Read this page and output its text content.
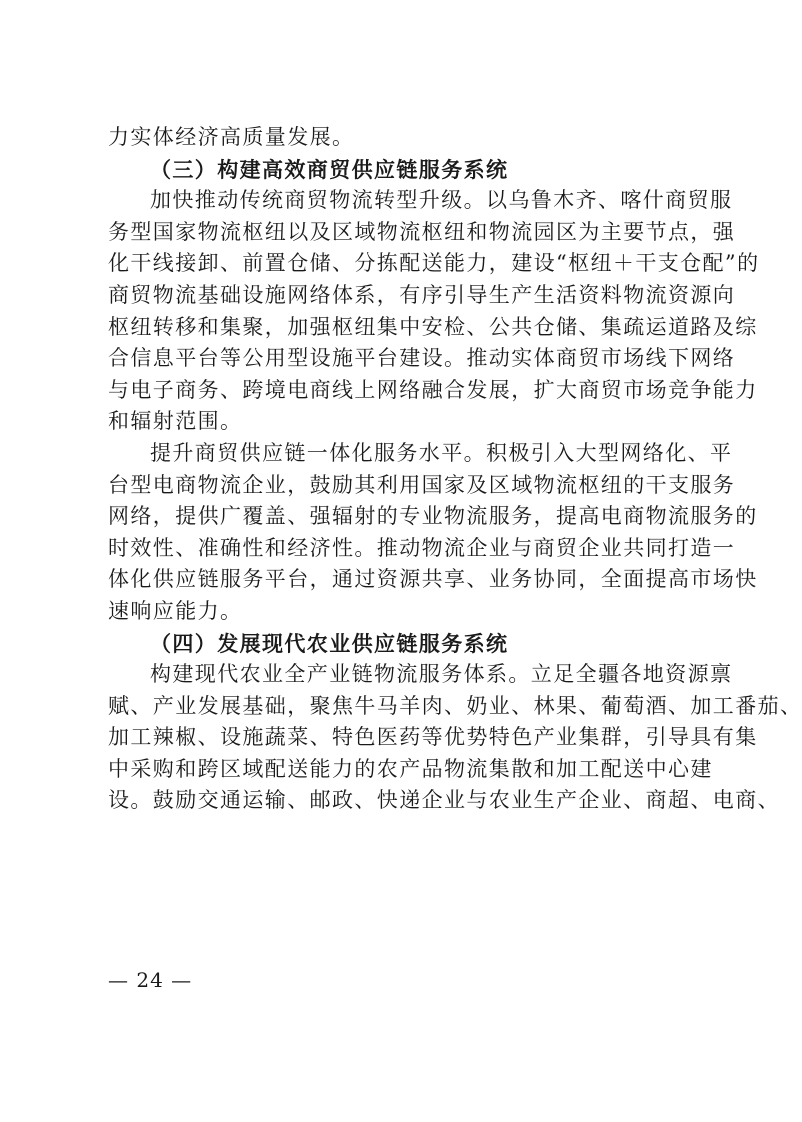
力实体经济高质量发展。
（三）构建高效商贸供应链服务系统
加快推动传统商贸物流转型升级。以乌鲁木齐、喀什商贸服
务型国家物流枢纽以及区域物流枢纽和物流园区为主要节点，强
化干线接卸、前置仓储、分拣配送能力，建设“枢纽＋干支仓配”的
商贸物流基础设施网络体系，有序引导生产生活资料物流资源向
枢纽转移和集聚，加强枢纽集中安检、公共仓储、集疏运道路及综
合信息平台等公用型设施平台建设。推动实体商贸市场线下网络
与电子商务、跨境电商线上网络融合发展，扩大商贸市场竞争能力
和辐射范围。
提升商贸供应链一体化服务水平。积极引入大型网络化、平
台型电商物流企业，鼓励其利用国家及区域物流枢纽的干支服务
网络，提供广覆盖、强辐射的专业物流服务，提高电商物流服务的
时效性、准确性和经济性。推动物流企业与商贸企业共同打造一
体化供应链服务平台，通过资源共享、业务协同，全面提高市场快
速响应能力。
（四）发展现代农业供应链服务系统
构建现代农业全产业链物流服务体系。立足全疆各地资源禀
赋、产业发展基础，聚焦牛马羊肉、奶业、林果、葡萄酒、加工番茄、
加工辣椒、设施蔬菜、特色医药等优势特色产业集群，引导具有集
中采购和跨区域配送能力的农产品物流集散和加工配送中心建
设。鼓励交通运输、邮政、快递企业与农业生产企业、商超、电商、
— 24 —
